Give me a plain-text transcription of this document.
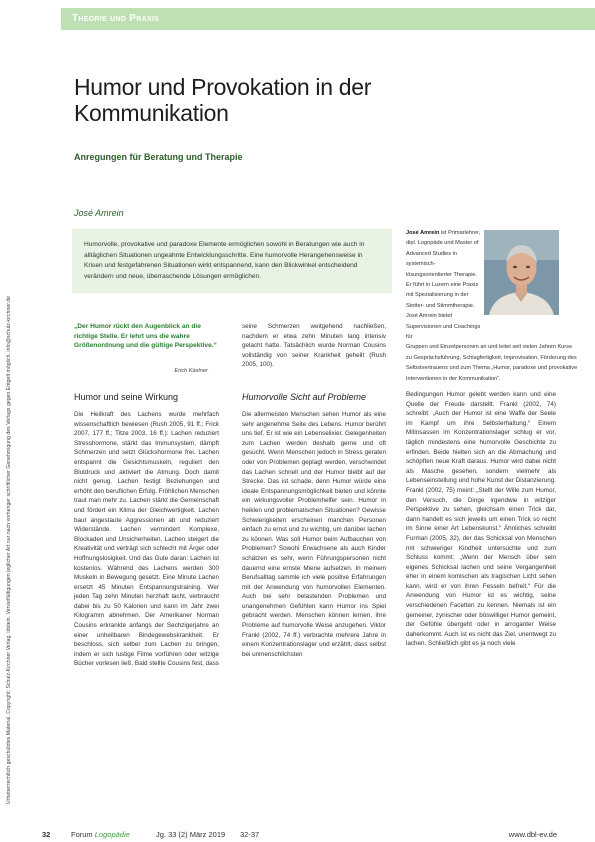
Urheberrechtlich geschütztes Material. Copyright: Schulz-Kirchner Verlag. Idstein. Vervielfältigungen jeglicher Art nur nach vorheriger schriftlicher Genehmigung des Verlags gegen Entgelt möglich. info@schulz-kirchner.de
Theorie und Praxis
Humor und Provokation in der Kommunikation
Anregungen für Beratung und Therapie
José Amrein
Humorvolle, provokative und paradoxe Elemente ermöglichen sowohl in Beratungen wie auch in alltäglichen Situationen ungeahnte Entwicklungsschritte. Eine humorvolle Herangehensweise in Krisen und festgefahrenen Situationen wirkt entspannend, kann den Blickwinkel entscheidend verändern und neue, überraschende Lösungen ermöglichen.
José Amrein ist Primarlehrer, dipl. Logopäde und Master of Advanced Studies in systemisch-lösungsorientierter Therapie. Er führt in Luzern eine Praxis mit Spezialisierung in der Stotter- und Stimmtherapie. José Amrein bietet Supervisionen und Coachings für
Gruppen und Einzelpersonen an und leitet seit vielen Jahren Kurse zu Gesprächsführung, Schlagfertigkeit, Improvisation, Förderung des Selbstvertrauens und zum Thema „Humor, paradoxe und provokative Interventionen in der Kommunikation“.
„Der Humor rückt den Augenblick an die richtige Stelle. Er lehrt uns die wahre Größenordnung und die gültige Perspektive.“
Erich Kästner
Humor und seine Wirkung
Die Heilkraft des Lachens wurde mehrfach wissenschaftlich bewiesen (Rush 2005, 91 ff.; Frick 2007, 177 ff.; Titze 2003, 16 ff.): Lachen reduziert Stresshormone, stärkt das Immunsystem, dämpft Schmerzen und setzt Glückshormone frei. Lachen entspannt die Gesichtsmuskeln, reguliert den Blutdruck und aktiviert die Atmung. Doch damit nicht genug. Lachen festigt Beziehungen und erhöht den beruflichen Erfolg. Fröhlichen Menschen traut man mehr zu. Lachen stärkt die Gemeinschaft und fördert ein Klima der Gleichwertigkeit. Lachen baut angestaute Aggressionen ab und reduziert Widerstände. Lachen vermindert Komplexe, Blockaden und Unsicherheiten. Lachen steigert die Kreativität und verträgt sich schlecht mit Ärger oder Hoffnungslosigkeit. Und das Gute daran: Lachen ist kostenlos. Während des Lachens werden 300 Muskeln in Bewegung gesetzt. Eine Minute Lachen ersetzt 45 Minuten Entspannungstraining. Wer jeden Tag zehn Minuten herzhaft lacht, verbraucht dabei bis zu 50 Kalorien und kann im Jahr zwei Kilogramm abnehmen. Der Amerikaner Norman Cousins erkrankte anfangs der Sechzigerjahre an einer unheilbaren Bindegewebskrankheit. Er beschloss, sich selber zum Lachen zu bringen, indem er sich lustige Filme vorführen oder witzige Bücher vorlesen ließ. Bald stellte Cousins fest, dass
seine Schmerzen weitgehend nachließen, nachdem er etwa zehn Minuten lang intensiv gelacht hatte. Tatsächlich wurde Norman Cousins vollständig von seiner Krankheit geheilt (Rush 2005, 100).
Humorvolle Sicht auf Probleme
Die allermeisten Menschen sehen Humor als eine sehr angenehme Seite des Lebens. Humor berührt uns tief. Er ist wie ein Lebenselixier. Gelegenheiten zum Lachen werden deshalb gerne und oft gesucht. Wenn Menschen jedoch in Stress geraten oder von Problemen geplagt werden, verschwindet das Lachen schnell und der Humor bleibt auf der Strecke. Das ist schade, denn Humor würde eine ideale Entspannungsmöglichkeit bieten und könnte ein wirkungsvoller Problemhelfer sein. Humor in heiklen und problematischen Situationen? Gewisse Schwierigkeiten erscheinen manchen Personen einfach zu ernst und zu wichtig, um darüber lachen zu können. Was soll Humor beim Aufbauchen von Problemen? Sowohl Erwachsene als auch Kinder schätzen es sehr, wenn Führungspersonen nicht dauernd eine ernste Miene aufsetzen. In meinem Berufsalltag sammle ich viele positive Erfahrungen mit der Anwendung von humorvollen Elementen. Auch bei sehr belastenden Problemen und unangenehmen Gefühlen kann Humor ins Spiel gebracht werden. Menschen können lernen, ihre Probleme auf humorvolle Weise anzugehen. Viktor Frankl (2002, 74 ff.) verbrachte mehrere Jahre in einem Konzentrationslager und erzählt, dass selbst bei unmenschlichsten
Bedingungen Humor gelebt werden kann und eine Quelle der Freude darstellt. Frankl (2002, 74) schreibt: „Auch der Humor ist eine Waffe der Seele im Kampf um ihre Selbsterhaltung.“ Einem Mitinsassen im Konzentrationslager schlug er vor, täglich mindestens eine humorvolle Geschichte zu erfinden. Beide hielten sich an die Abmachung und schöpften neue Kraft daraus. Humor wird dabei nicht als Masche gesehen, sondern vielmehr als Lebenseinstellung und hohe Kunst der Distanzierung. Frankl (2002, 75) meint: „Stellt der Wille zum Humor, den Versuch, die Dinge irgendwie in witziger Perspektive zu sehen, gleichsam einen Trick dar, dann handelt es sich jeweils um einen Trick so recht im Sinne einer Art Lebenskunst.“ Ähnliches schreibt Furman (2005, 32), der das Schicksal von Menschen mit schwieriger Kindheit untersuchte und zum Schluss kommt: „Wenn der Mensch über sein eigenes Schicksal lachen und seine Vergangenheit eher in einem komischen als tragischen Licht sehen kann, wird er von ihren Fesseln befreit.“ Für die Anwendung von Humor ist es wichtig, seine verschiedenen Facetten zu kennen. Niemals ist ein gemeiner, zynischer oder böswilliger Humor gemeint, der Gefühle übergeht oder in arroganter Weise daherkommt. Auch ist es nicht das Ziel, unentwegt zu lachen. Schließlich gibt es ja noch viele
32	Forum Logopädie	Jg. 33 (2) März 2019 32-37	www.dbl-ev.de
